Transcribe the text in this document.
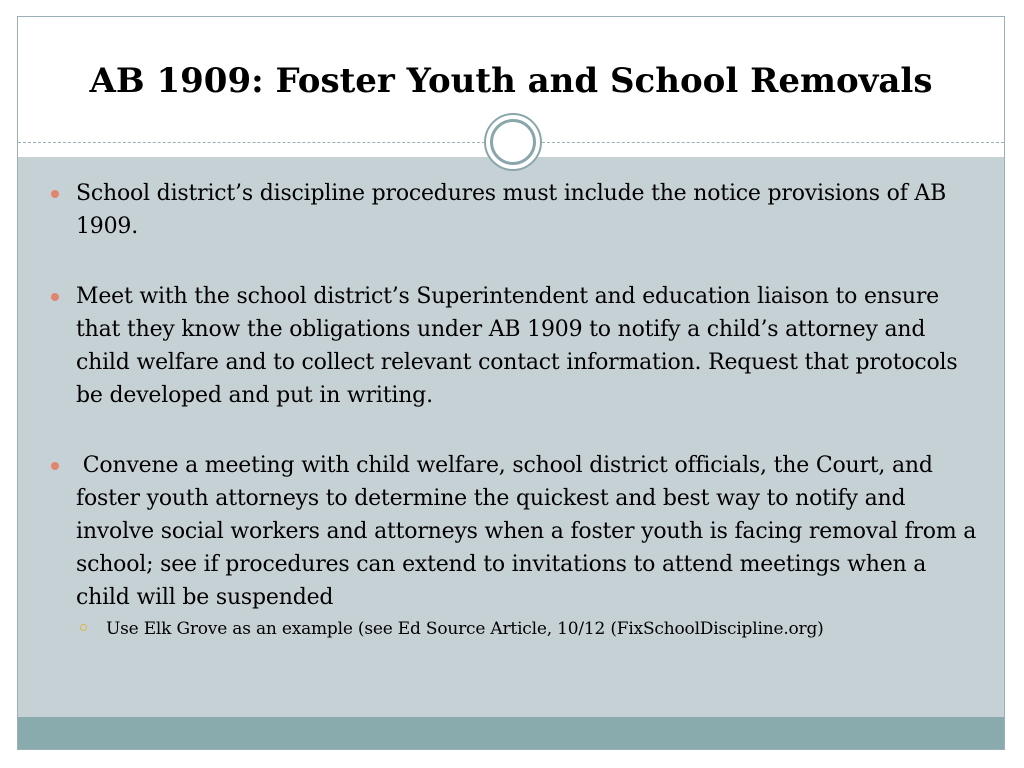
AB 1909: Foster Youth and School Removals
School district’s discipline procedures must include the notice provisions of AB 1909.
Meet with the school district’s Superintendent and education liaison to ensure that they know the obligations under AB 1909 to notify a child’s attorney and child welfare and to collect relevant contact information. Request that protocols be developed and put in writing.
Convene a meeting with child welfare, school district officials, the Court, and foster youth attorneys to determine the quickest and best way to notify and involve social workers and attorneys when a foster youth is facing removal from a school; see if procedures can extend to invitations to attend meetings when a child will be suspended
Use Elk Grove as an example (see Ed Source Article, 10/12 (FixSchoolDiscipline.org)
